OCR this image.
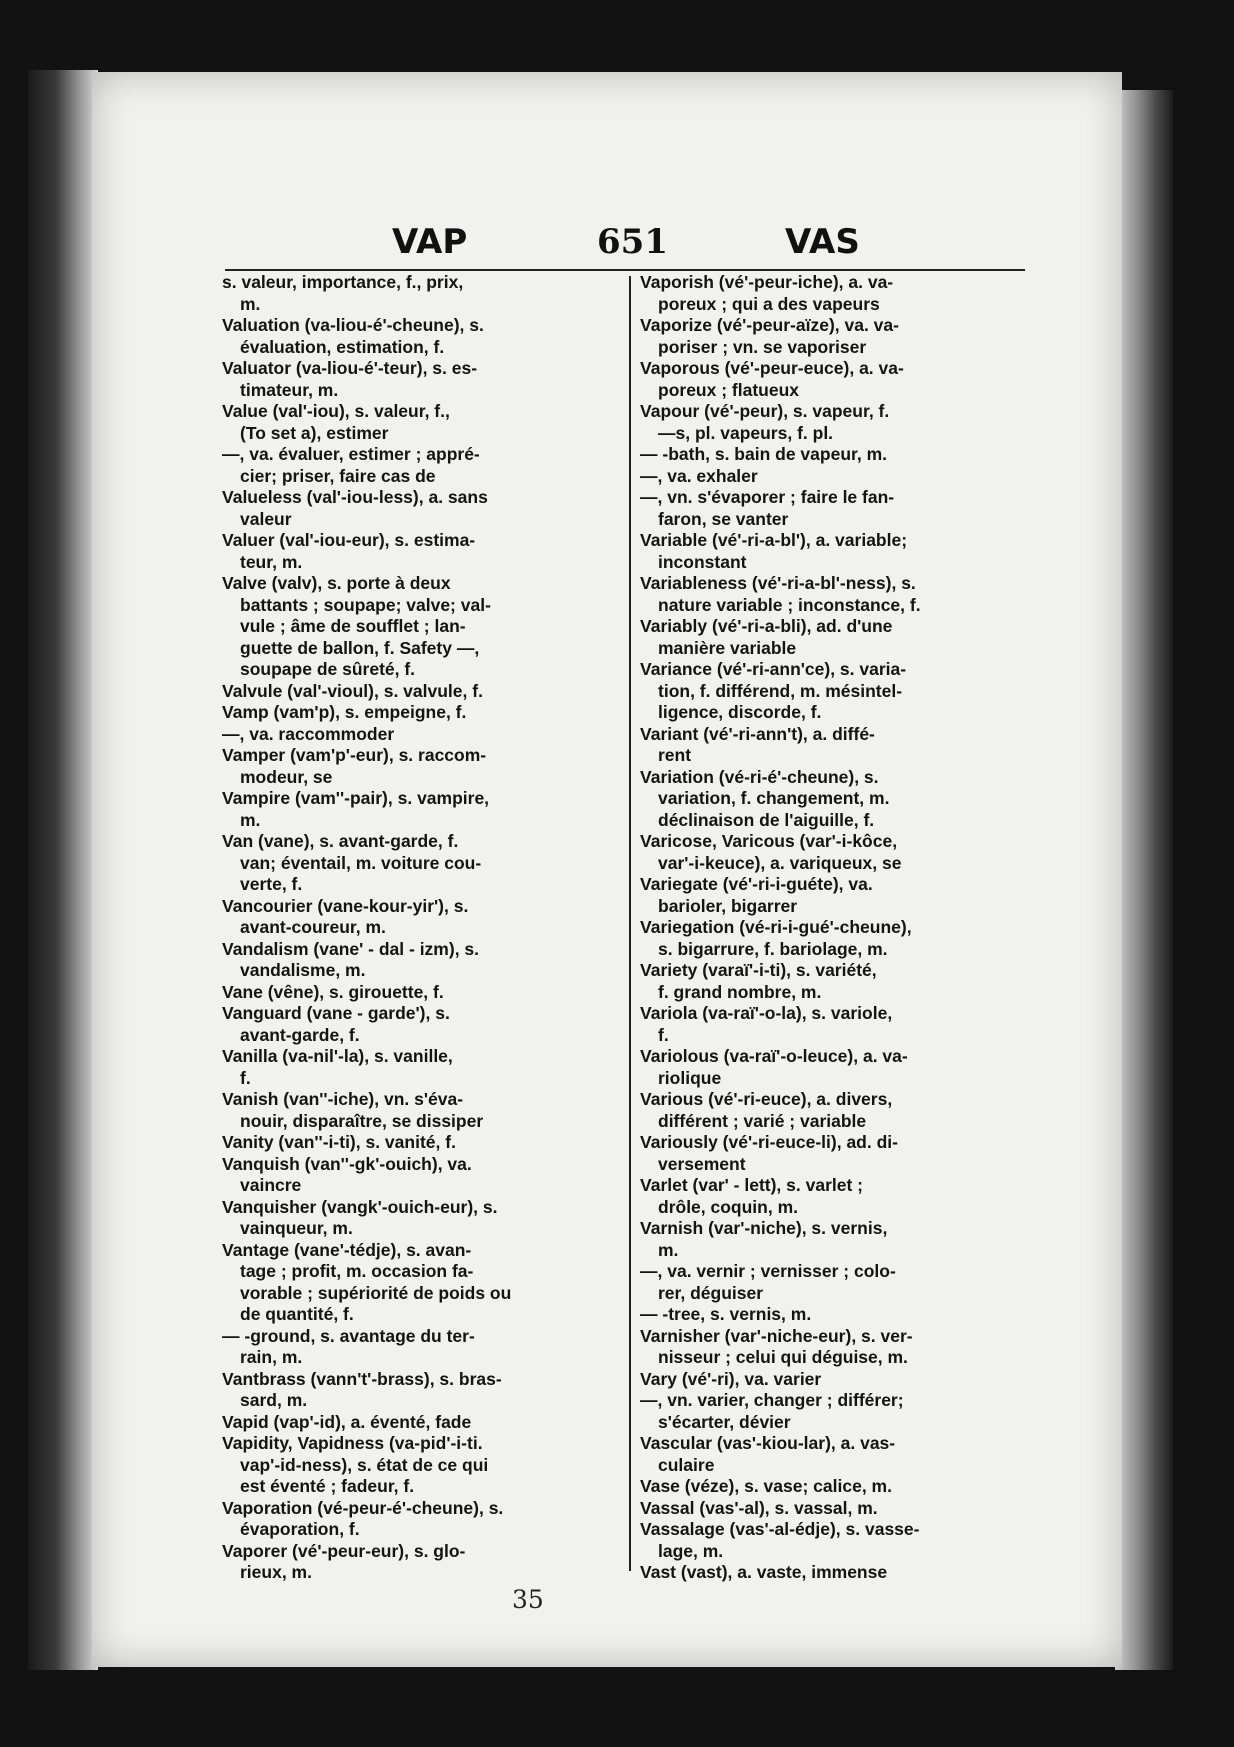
VAP	651	VAS
s. valeur, importance, f., prix,
m.
Valuation (va-liou-é'-cheune), s.
évaluation, estimation, f.
Valuator (va-liou-é'-teur), s. es-
timateur, m.
Value (val'-iou), s. valeur, f.,
(To set a), estimer
—, va. évaluer, estimer ; appré-
cier; priser, faire cas de
Valueless (val'-iou-less), a. sans
valeur
Valuer (val'-iou-eur), s. estima-
teur, m.
Valve (valv), s. porte à deux
battants ; soupape; valve; val-
vule ; âme de soufflet ; lan-
guette de ballon, f. Safety —,
soupape de sûreté, f.
Valvule (val'-vioul), s. valvule, f.
Vamp (vam'p), s. empeigne, f.
—, va. raccommoder
Vamper (vam'p'-eur), s. raccom-
modeur, se
Vampire (vam''-pair), s. vampire,
m.
Van (vane), s. avant-garde, f.
van; éventail, m. voiture cou-
verte, f.
Vancourier (vane-kour-yir'), s.
avant-coureur, m.
Vandalism (vane' - dal - izm), s.
vandalisme, m.
Vane (vêne), s. girouette, f.
Vanguard (vane - garde'), s.
avant-garde, f.
Vanilla (va-nil'-la), s. vanille,
f.
Vanish (van''-iche), vn. s'éva-
nouir, disparaître, se dissiper
Vanity (van''-i-ti), s. vanité, f.
Vanquish (van''-gk'-ouich), va.
vaincre
Vanquisher (vangk'-ouich-eur), s.
vainqueur, m.
Vantage (vane'-tédje), s. avan-
tage ; profit, m. occasion fa-
vorable ; supériorité de poids ou
de quantité, f.
— -ground, s. avantage du ter-
rain, m.
Vantbrass (vann't'-brass), s. bras-
sard, m.
Vapid (vap'-id), a. éventé, fade
Vapidity, Vapidness (va-pid'-i-ti.
vap'-id-ness), s. état de ce qui
est éventé ; fadeur, f.
Vaporation (vé-peur-é'-cheune), s.
évaporation, f.
Vaporer (vé'-peur-eur), s. glo-
rieux, m.
Vaporish (vé'-peur-iche), a. va-
poreux ; qui a des vapeurs
Vaporize (vé'-peur-aïze), va. va-
poriser ; vn. se vaporiser
Vaporous (vé'-peur-euce), a. va-
poreux ; flatueux
Vapour (vé'-peur), s. vapeur, f.
—s, pl. vapeurs, f. pl.
— -bath, s. bain de vapeur, m.
—, va. exhaler
—, vn. s'évaporer ; faire le fan-
faron, se vanter
Variable (vé'-ri-a-bl'), a. variable;
inconstant
Variableness (vé'-ri-a-bl'-ness), s.
nature variable ; inconstance, f.
Variably (vé'-ri-a-bli), ad. d'une
manière variable
Variance (vé'-ri-ann'ce), s. varia-
tion, f. différend, m. mésintel-
ligence, discorde, f.
Variant (vé'-ri-ann't), a. diffé-
rent
Variation (vé-ri-é'-cheune), s.
variation, f. changement, m.
déclinaison de l'aiguille, f.
Varicose, Varicous (var'-i-kôce,
var'-i-keuce), a. variqueux, se
Variegate (vé'-ri-i-guéte), va.
barioler, bigarrer
Variegation (vé-ri-i-gué'-cheune),
s. bigarrure, f. bariolage, m.
Variety (varaï'-i-ti), s. variété,
f. grand nombre, m.
Variola (va-raï'-o-la), s. variole,
f.
Variolous (va-raï'-o-leuce), a. va-
riolique
Various (vé'-ri-euce), a. divers,
différent ; varié ; variable
Variously (vé'-ri-euce-li), ad. di-
versement
Varlet (var' - lett), s. varlet ;
drôle, coquin, m.
Varnish (var'-niche), s. vernis,
m.
—, va. vernir ; vernisser ; colo-
rer, déguiser
— -tree, s. vernis, m.
Varnisher (var'-niche-eur), s. ver-
nisseur ; celui qui déguise, m.
Vary (vé'-ri), va. varier
—, vn. varier, changer ; différer;
s'écarter, dévier
Vascular (vas'-kiou-lar), a. vas-
culaire
Vase (véze), s. vase; calice, m.
Vassal (vas'-al), s. vassal, m.
Vassalage (vas'-al-édje), s. vasse-
lage, m.
Vast (vast), a. vaste, immense
35
